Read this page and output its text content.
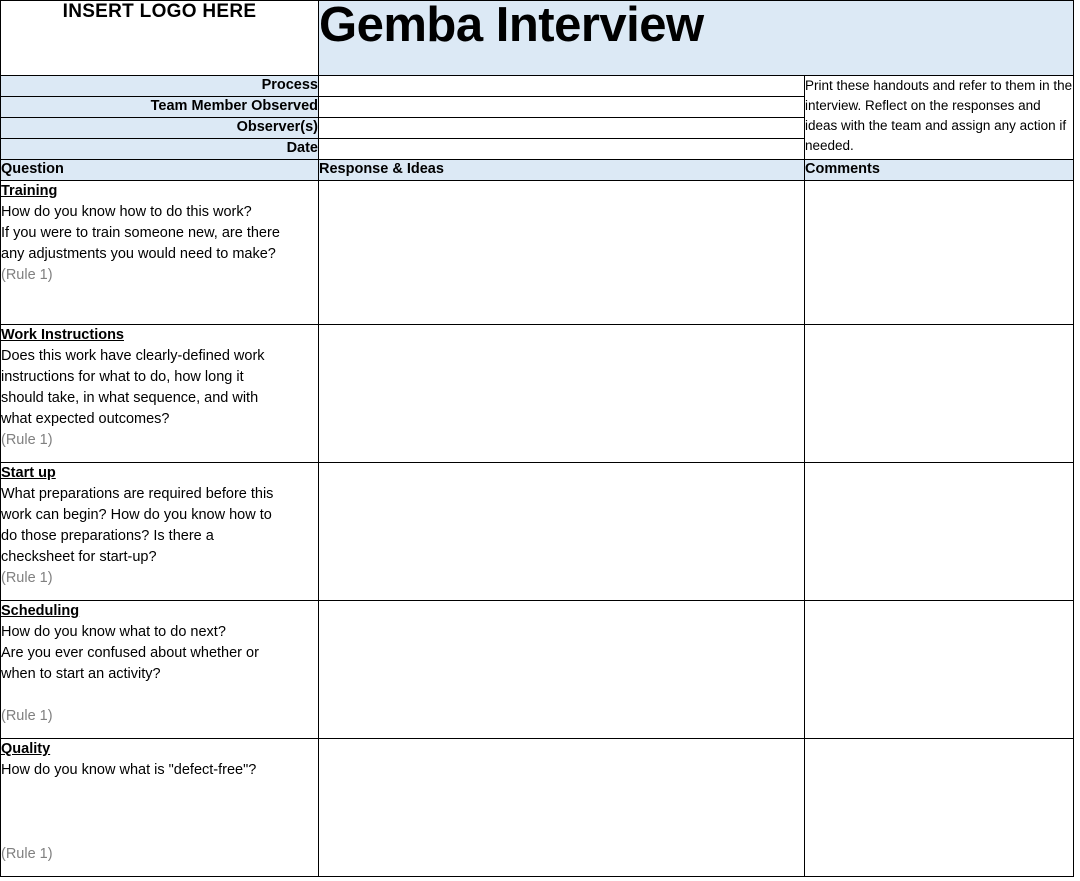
INSERT LOGO HERE	Gemba Interview	

Process		Print these handouts and refer to them in the interview. Reflect on the responses and ideas with the team and assign any action if needed.
Team Member Observed		
Observer(s)		
Date		
Question	Response & Ideas	Comments

Training
How do you know how to do this work?
If you were to train someone new, are there
any adjustments you would need to make?
(Rule 1)		

Work Instructions
Does this work have clearly-defined work
instructions for what to do, how long it
should take, in what sequence, and with
what expected outcomes?
(Rule 1)

Start up
What preparations are required before this
work can begin? How do you know how to
do those preparations? Is there a
checksheet for start-up?
(Rule 1)

Scheduling
How do you know what to do next?
Are you ever confused about whether or
when to start an activity?
(Rule 1)		

Quality
How do you know what is "defect-free"?
(Rule 1)		
